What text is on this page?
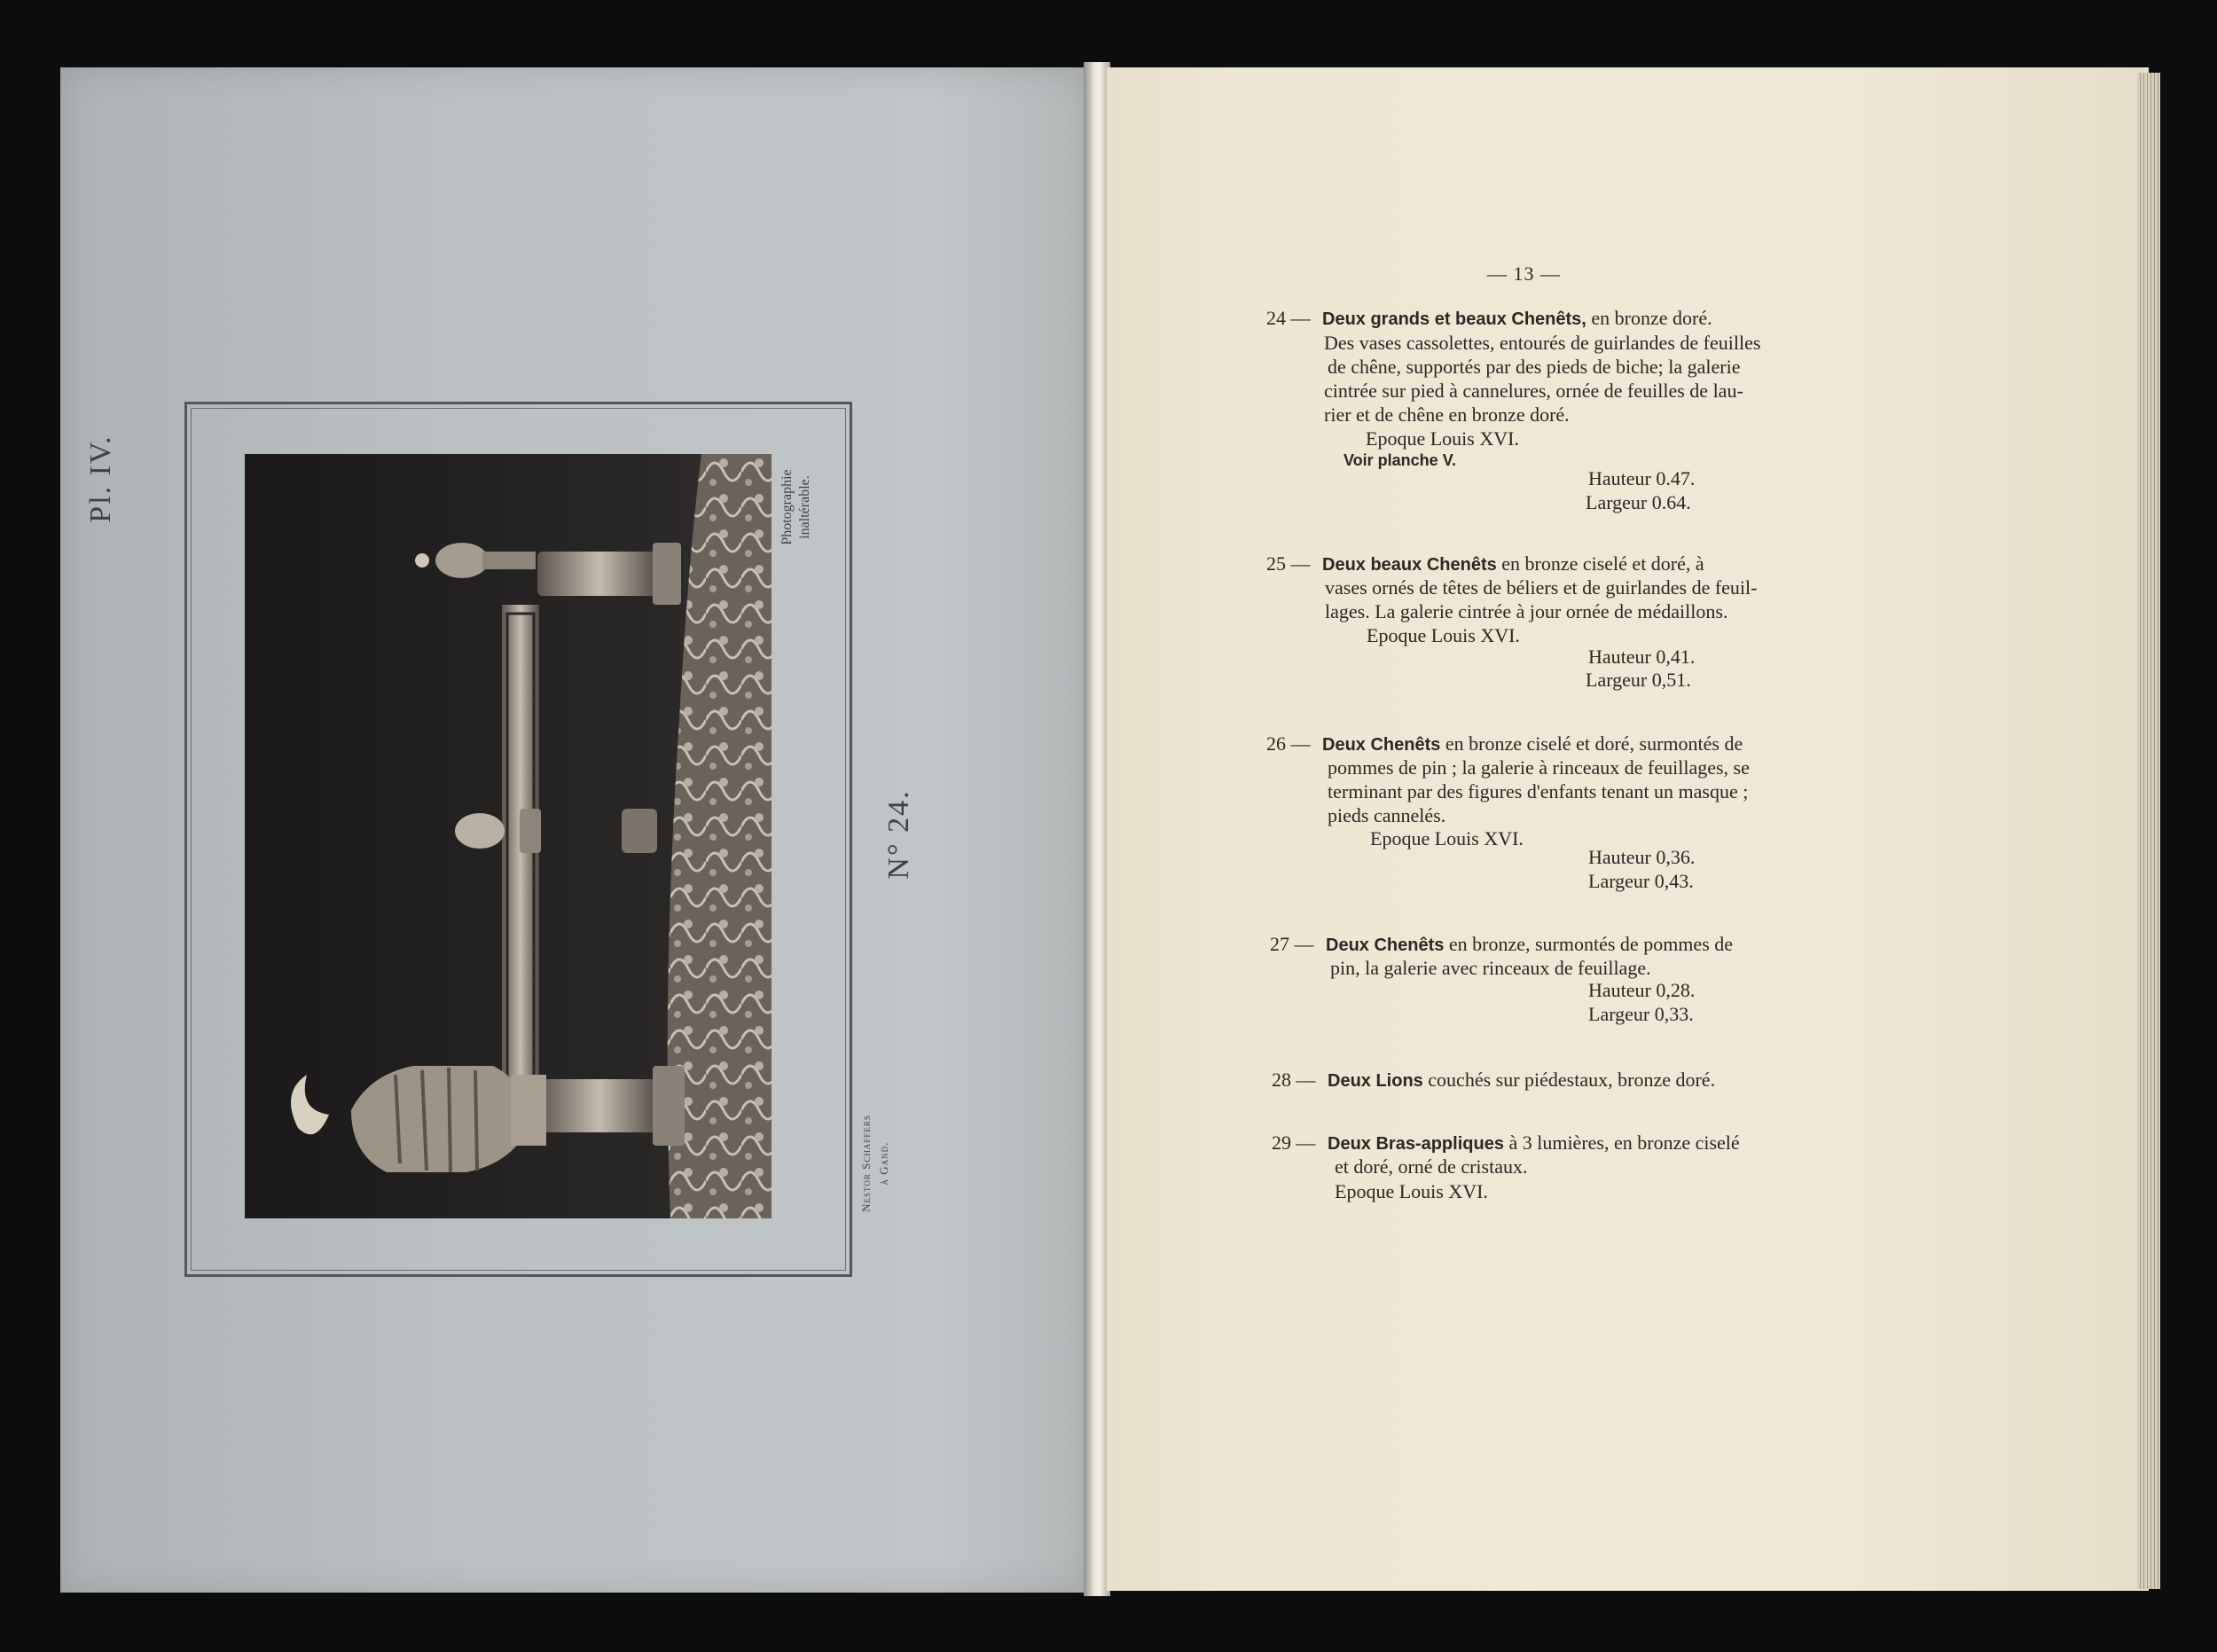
Pl. IV.	Photographie inaltérable.
N° 24.
Nestor Schaffers à Gand.
— 13 —
24 — Deux grands et beaux Chenêts, en bronze doré.
Des vases cassolettes, entourés de guirlandes de feuilles
de chêne, supportés par des pieds de biche; la galerie
cintrée sur pied à cannelures, ornée de feuilles de lau-
rier et de chêne en bronze doré.
Epoque Louis XVI.
Voir planche V.
Hauteur 0.47.
Largeur 0.64.
25 — Deux beaux Chenêts en bronze ciselé et doré, à
vases ornés de têtes de béliers et de guirlandes de feuil-
lages. La galerie cintrée à jour ornée de médaillons.
Epoque Louis XVI.
Hauteur 0,41.
Largeur 0,51.
26 — Deux Chenêts en bronze ciselé et doré, surmontés de
pommes de pin ; la galerie à rinceaux de feuillages, se
terminant par des figures d'enfants tenant un masque ;
pieds cannelés.
Epoque Louis XVI.
Hauteur 0,36.
Largeur 0,43.
27 — Deux Chenêts en bronze, surmontés de pommes de
pin, la galerie avec rinceaux de feuillage.
Hauteur 0,28.
Largeur 0,33.
28 — Deux Lions couchés sur piédestaux, bronze doré.
29 — Deux Bras-appliques à 3 lumières, en bronze ciselé
et doré, orné de cristaux.
Epoque Louis XVI.
